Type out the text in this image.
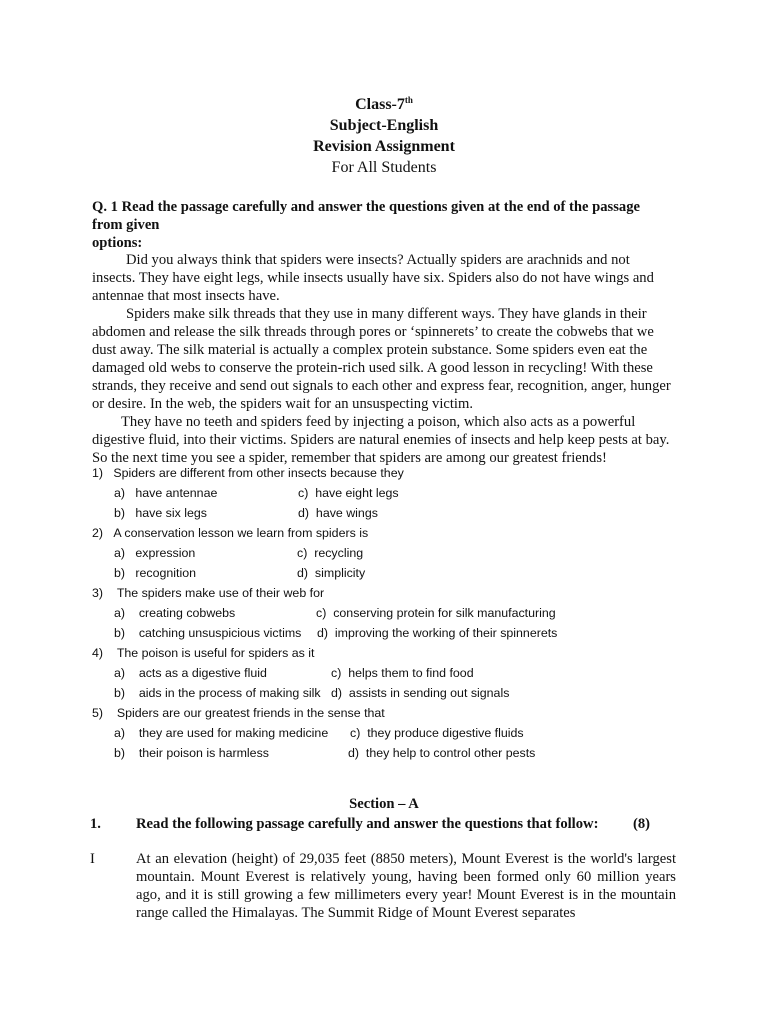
Class-7th
Subject-English
Revision Assignment
For All Students
Q. 1 Read the passage carefully and answer the questions given at the end of the passage
from given
options:

Did you always think that spiders were insects? Actually spiders are arachnids and not insects. They have eight legs, while insects usually have six. Spiders also do not have wings and antennae that most insects have.

Spiders make silk threads that they use in many different ways. They have glands in their abdomen and release the silk threads through pores or ‘spinnerets’ to create the cobwebs that we dust away. The silk material is actually a complex protein substance. Some spiders even eat the damaged old webs to conserve the protein-rich used silk. A good lesson in recycling! With these strands, they receive and send out signals to each other and express fear, recognition, anger, hunger or desire. In the web, the spiders wait for an unsuspecting victim.

They have no teeth and spiders feed by injecting a poison, which also acts as a powerful digestive fluid, into their victims. Spiders are natural enemies of insects and help keep pests at bay. So the next time you see a spider, remember that spiders are among our greatest friends!

1) Spiders are different from other insects because they
a) have antennae	c) have eight legs
b) have six legs	d) have wings
2) A conservation lesson we learn from spiders is
a) expression	c) recycling
b) recognition	d) simplicity
3) The spiders make use of their web for
a) creating cobwebs	c) conserving protein for silk manufacturing
b) catching unsuspicious victims d) improving the working of their spinnerets
4) The poison is useful for spiders as it
a) acts as a digestive fluid	c) helps them to find food
b) aids in the process of making silk d) assists in sending out signals
5) Spiders are our greatest friends in the sense that
a) they are used for making medicine c) they produce digestive fluids
b) their poison is harmless	d) they help to control other pests
Section – A
1. Read the following passage carefully and answer the questions that follow: (8)
I	At an elevation (height) of 29,035 feet (8850 meters), Mount Everest is the world's largest mountain. Mount Everest is relatively young, having been formed only 60 million years ago, and it is still growing a few millimeters every year! Mount Everest is in the mountain range called the Himalayas. The Summit Ridge of Mount Everest separates
